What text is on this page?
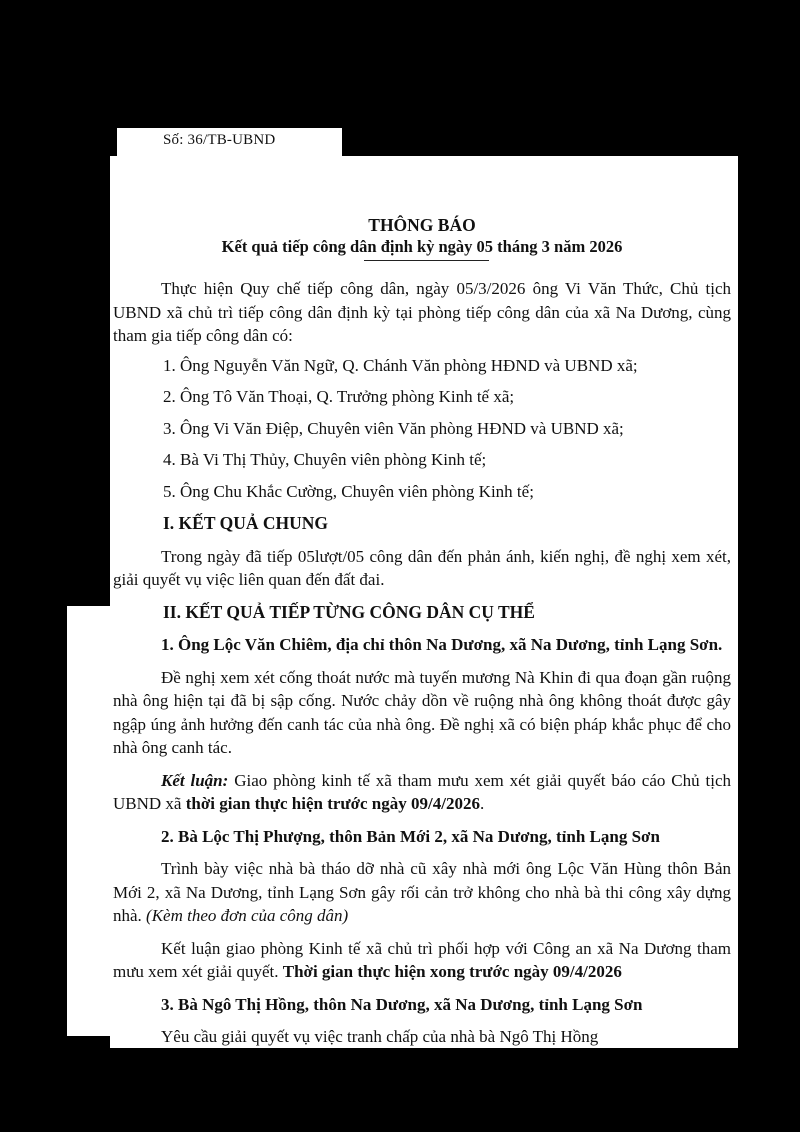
Số: 36/TB-UBND
THÔNG BÁO
Kết quả tiếp công dân định kỳ ngày 05 tháng 3 năm 2026

Thực hiện Quy chế tiếp công dân, ngày 05/3/2026 ông Vi Văn Thức, Chủ tịch UBND xã chủ trì tiếp công dân định kỳ tại phòng tiếp công dân của xã Na Dương, cùng tham gia tiếp công dân có:

1. Ông Nguyễn Văn Ngữ, Q. Chánh Văn phòng HĐND và UBND xã;

2. Ông Tô Văn Thoại, Q. Trưởng phòng Kinh tế xã;

3. Ông Vi Văn Điệp, Chuyên viên Văn phòng HĐND và UBND xã;

4. Bà Vi Thị Thủy, Chuyên viên phòng Kinh tế;

5. Ông Chu Khắc Cường, Chuyên viên phòng Kinh tế;

I. KẾT QUẢ CHUNG

Trong ngày đã tiếp 05lượt/05 công dân đến phản ánh, kiến nghị, đề nghị xem xét, giải quyết vụ việc liên quan đến đất đai.

II. KẾT QUẢ TIẾP TỪNG CÔNG DÂN CỤ THỂ

1. Ông Lộc Văn Chiêm, địa chỉ thôn Na Dương, xã Na Dương, tỉnh Lạng Sơn.

Đề nghị xem xét cống thoát nước mà tuyến mương Nà Khin đi qua đoạn gần ruộng nhà ông hiện tại đã bị sập cống. Nước chảy dồn về ruộng nhà ông không thoát được gây ngập úng ảnh hưởng đến canh tác của nhà ông. Đề nghị xã có biện pháp khắc phục để cho nhà ông canh tác.

Kết luận: Giao phòng kinh tế xã tham mưu xem xét giải quyết báo cáo Chủ tịch UBND xã thời gian thực hiện trước ngày 09/4/2026.

2. Bà Lộc Thị Phượng, thôn Bản Mới 2, xã Na Dương, tỉnh Lạng Sơn

Trình bày việc nhà bà tháo dỡ nhà cũ xây nhà mới ông Lộc Văn Hùng thôn Bản Mới 2, xã Na Dương, tỉnh Lạng Sơn gây rối cản trở không cho nhà bà thi công xây dựng nhà. (Kèm theo đơn của công dân)

Kết luận giao phòng Kinh tế xã chủ trì phối hợp với Công an xã Na Dương tham mưu xem xét giải quyết. Thời gian thực hiện xong trước ngày 09/4/2026

3. Bà Ngô Thị Hồng, thôn Na Dương, xã Na Dương, tỉnh Lạng Sơn

Yêu cầu giải quyết vụ việc tranh chấp của nhà bà Ngô Thị Hồng
